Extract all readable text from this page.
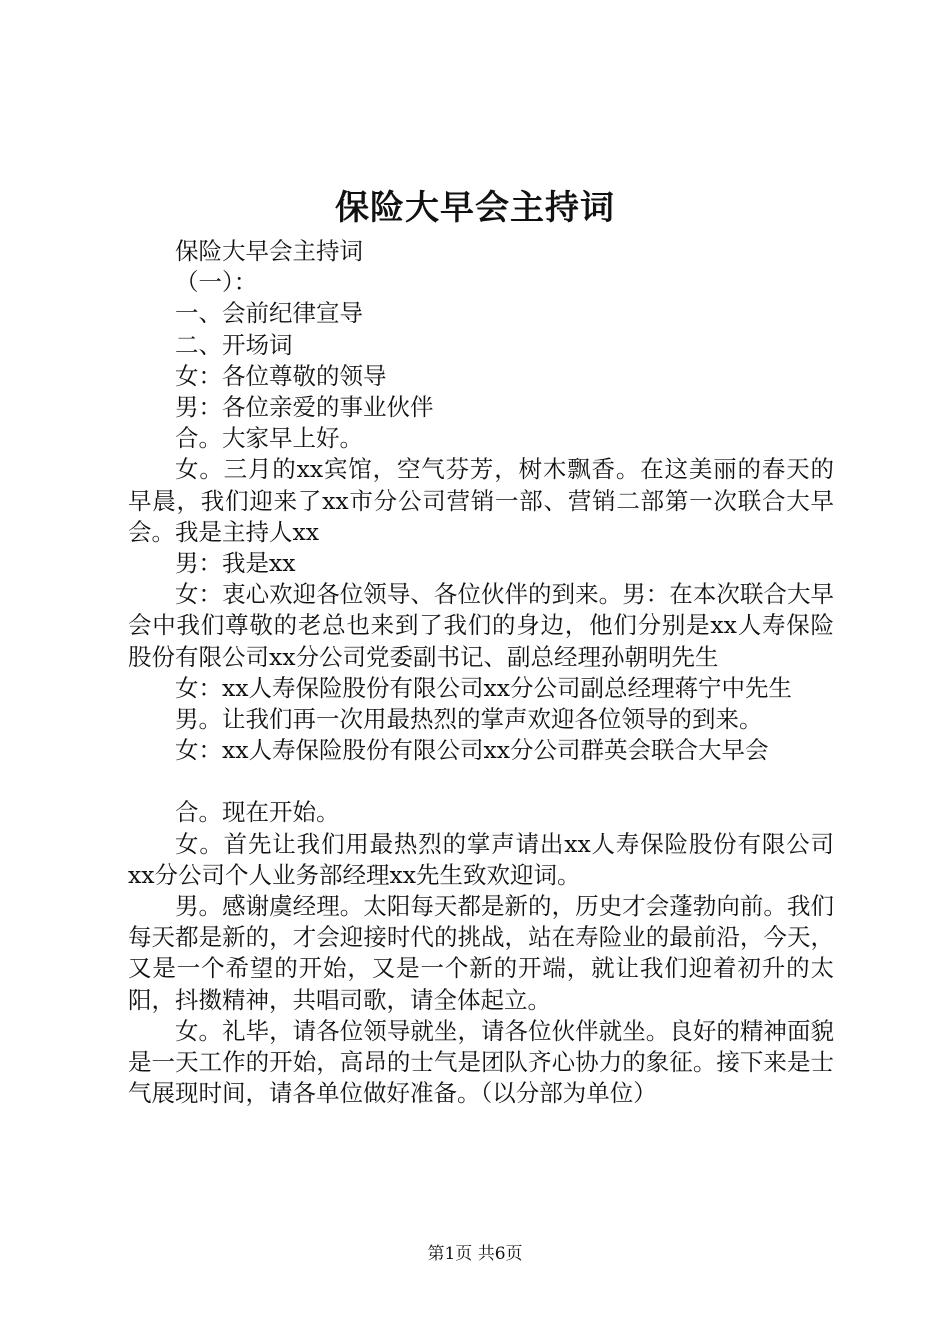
保险大早会主持词

保险大早会主持词

（一）：

一、会前纪律宣导

二、开场词

女：各位尊敬的领导

男：各位亲爱的事业伙伴

合。大家早上好。

女。三月的xx宾馆，空气芬芳，树木飘香。在这美丽的春天的早晨，我们迎来了xx市分公司营销一部、营销二部第一次联合大早会。我是主持人xx

男：我是xx

女：衷心欢迎各位领导、各位伙伴的到来。男：在本次联合大早会中我们尊敬的老总也来到了我们的身边，他们分别是xx人寿保险股份有限公司xx分公司党委副书记、副总经理孙朝明先生

女：xx人寿保险股份有限公司xx分公司副总经理蒋宁中先生

男。让我们再一次用最热烈的掌声欢迎各位领导的到来。

女：xx人寿保险股份有限公司xx分公司群英会联合大早会

合。现在开始。

女。首先让我们用最热烈的掌声请出xx人寿保险股份有限公司xx分公司个人业务部经理xx先生致欢迎词。

男。感谢虞经理。太阳每天都是新的，历史才会蓬勃向前。我们每天都是新的，才会迎接时代的挑战，站在寿险业的最前沿，今天，又是一个希望的开始，又是一个新的开端，就让我们迎着初升的太阳，抖擞精神，共唱司歌，请全体起立。

女。礼毕，请各位领导就坐，请各位伙伴就坐。良好的精神面貌是一天工作的开始，高昂的士气是团队齐心协力的象征。接下来是士气展现时间，请各单位做好准备。（以分部为单位）

第1页 共6页
